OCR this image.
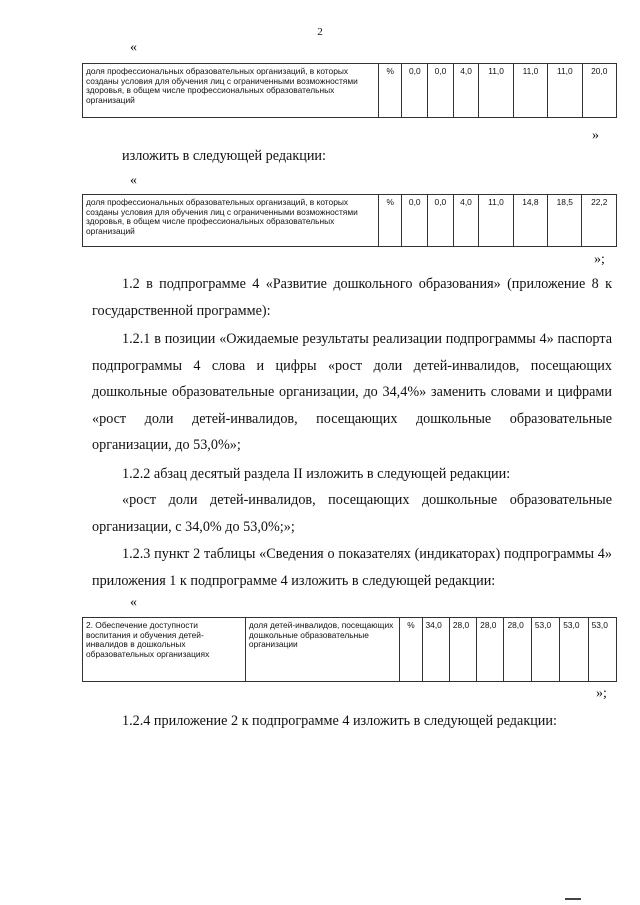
2
«
доля профессиональных образовательных организаций, в которых созданы условия для обучения лиц с ограниченными возможностями здоровья, в общем числе профессиональных образовательных организаций	%	0,0	0,0	4,0	11,0	11,0	11,0	20,0
»
изложить в следующей редакции:
«
доля профессиональных образовательных организаций, в которых созданы условия для обучения лиц с ограниченными возможностями здоровья, в общем числе профессиональных образовательных организаций	%	0,0	0,0	4,0	11,0	14,8	18,5	22,2
»;

1.2 в подпрограмме 4 «Развитие дошкольного образования» (приложение 8 к государственной программе):

1.2.1 в позиции «Ожидаемые результаты реализации подпрограммы 4» паспорта подпрограммы 4 слова и цифры «рост доли детей-инвалидов, посещающих дошкольные образовательные организации, до 34,4%» заменить словами и цифрами «рост доли детей-инвалидов, посещающих дошкольные образовательные организации, до 53,0%»;

1.2.2 абзац десятый раздела II изложить в следующей редакции:

«рост доли детей-инвалидов, посещающих дошкольные образовательные организации, с 34,0% до 53,0%;»;

1.2.3 пункт 2 таблицы «Сведения о показателях (индикаторах) подпрограммы 4» приложения 1 к подпрограмме 4 изложить в следующей редакции:

«
2. Обеспечение доступности воспитания и обучения детей-инвалидов в дошкольных образовательных организациях	доля детей-инвалидов, посещающих дошкольные образовательные организации	%	34,0	28,0	28,0	28,0	53,0	53,0	53,0
»;

1.2.4 приложение 2 к подпрограмме 4 изложить в следующей редакции:
